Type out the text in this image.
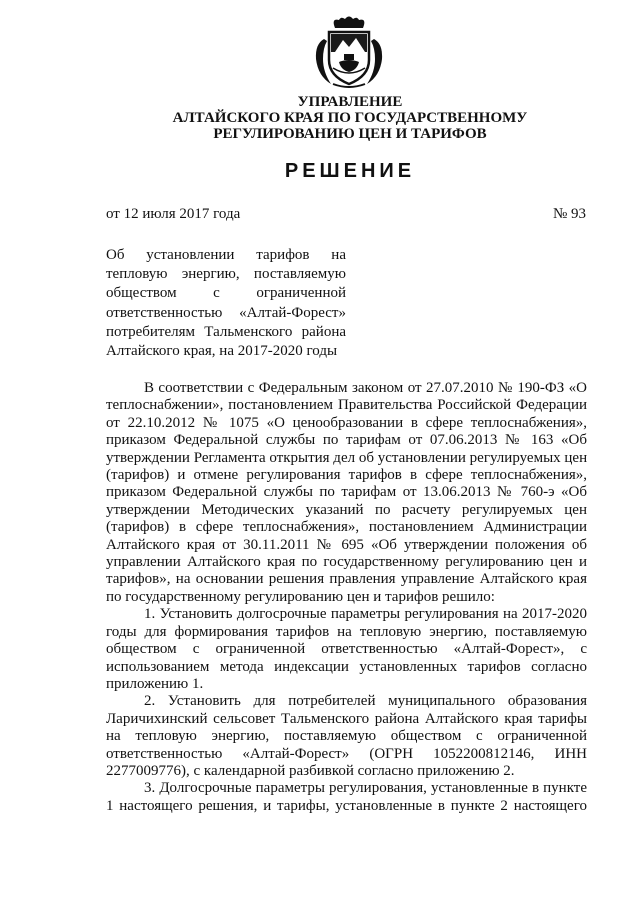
УПРАВЛЕНИЕ
АЛТАЙСКОГО КРАЯ ПО ГОСУДАРСТВЕННОМУ
РЕГУЛИРОВАНИЮ ЦЕН И ТАРИФОВ
РЕШЕНИЕ
от 12 июля 2017 года	№ 93
Об установлении тарифов на
тепловую энергию, поставляемую
обществом с ограниченной
ответственностью «Алтай-Форест»
потребителям Тальменского района
Алтайского края, на 2017-2020 годы
В соответствии с Федеральным законом от 27.07.2010 № 190-ФЗ «О
теплоснабжении», постановлением Правительства Российской Федерации
от 22.10.2012 № 1075 «О ценообразовании в сфере теплоснабжения»,
приказом Федеральной службы по тарифам от 07.06.2013 № 163 «Об
утверждении Регламента открытия дел об установлении регулируемых цен
(тарифов) и отмене регулирования тарифов в сфере теплоснабжения»,
приказом Федеральной службы по тарифам от 13.06.2013 № 760-э «Об
утверждении Методических указаний по расчету регулируемых цен
(тарифов) в сфере теплоснабжения», постановлением Администрации
Алтайского края от 30.11.2011 № 695 «Об утверждении положения об
управлении Алтайского края по государственному регулированию цен и
тарифов», на основании решения правления управление Алтайского края
по государственному регулированию цен и тарифов решило:
1. Установить долгосрочные параметры регулирования на 2017-2020
годы для формирования тарифов на тепловую энергию, поставляемую
обществом с ограниченной ответственностью «Алтай-Форест», с
использованием метода индексации установленных тарифов согласно
приложению 1.
2. Установить для потребителей муниципального образования
Ларичихинский сельсовет Тальменского района Алтайского края тарифы
на тепловую энергию, поставляемую обществом с ограниченной
ответственностью «Алтай-Форест» (ОГРН 1052200812146, ИНН
2277009776), с календарной разбивкой согласно приложению 2.
3. Долгосрочные параметры регулирования, установленные в пункте
1 настоящего решения, и тарифы, установленные в пункте 2 настоящего
